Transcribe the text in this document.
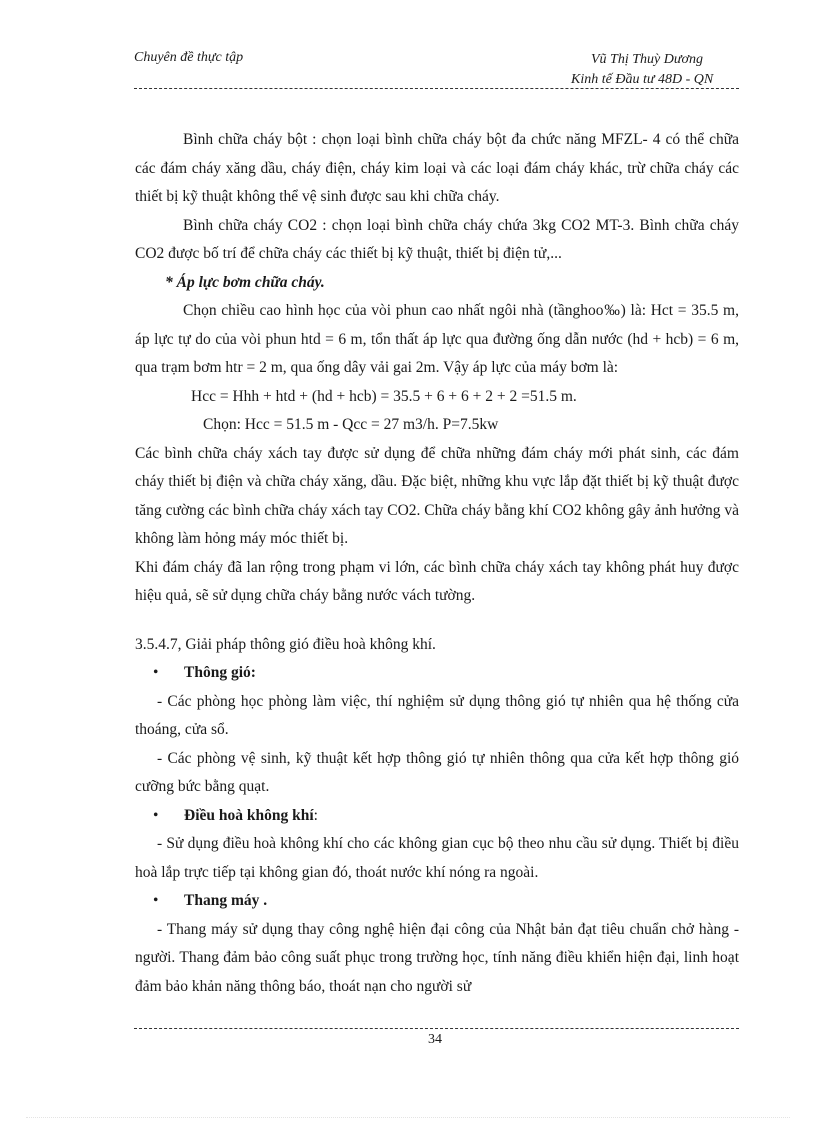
Chuyên đề thực tập	Vũ Thị Thuỳ Dương
Kinh tế Đầu tư 48D - QN

Bình chữa cháy bột : chọn loại bình chữa cháy bột đa chức năng MFZL- 4 có thể chữa các đám cháy xăng dầu, cháy điện, cháy kim loại và các loại đám cháy khác, trừ chữa cháy các thiết bị kỹ thuật không thể vệ sinh được sau khi chữa cháy.

Bình chữa cháy CO2 : chọn loại bình chữa cháy chứa 3kg CO2 MT-3. Bình chữa cháy CO2 được bố trí để chữa cháy các thiết bị kỹ thuật, thiết bị điện tử,...

* Áp lực bơm chữa cháy.

Chọn chiều cao hình học của vòi phun cao nhất ngôi nhà (tầnghoo‰) là: Hct = 35.5 m, áp lực tự do của vòi phun htd = 6 m, tổn thất áp lực qua đường ống dẫn nước (hd + hcb) = 6 m, qua trạm bơm htr = 2 m, qua ống dây vải gai 2m. Vậy áp lực của máy bơm là:

Hcc = Hhh + htd + (hd + hcb) = 35.5 + 6 + 6 + 2 + 2 =51.5 m.

Chọn: Hcc = 51.5 m - Qcc = 27 m3/h. P=7.5kw

Các bình chữa cháy xách tay được sử dụng để chữa những đám cháy mới phát sinh, các đám cháy thiết bị điện và chữa cháy xăng, dầu. Đặc biệt, những khu vực lắp đặt thiết bị kỹ thuật được tăng cường các bình chữa cháy xách tay CO2. Chữa cháy bằng khí CO2 không gây ảnh hưởng và không làm hỏng máy móc thiết bị.

Khi đám cháy đã lan rộng trong phạm vi lớn, các bình chữa cháy xách tay không phát huy được hiệu quả, sẽ sử dụng chữa cháy bằng nước vách tường.

3.5.4.7, Giải pháp thông gió điều hoà không khí.

• Thông gió:

- Các phòng học phòng làm việc, thí nghiệm sử dụng thông gió tự nhiên qua hệ thống cửa thoáng, cửa sổ.

- Các phòng vệ sinh, kỹ thuật kết hợp thông gió tự nhiên thông qua cửa kết hợp thông gió cưỡng bức bằng quạt.

• Điều hoà không khí:

- Sử dụng điều hoà không khí cho các không gian cục bộ theo nhu cầu sử dụng. Thiết bị điều hoà lắp trực tiếp tại không gian đó, thoát nước khí nóng ra ngoài.

• Thang máy .

- Thang máy sử dụng thay công nghệ hiện đại công của Nhật bản đạt tiêu chuẩn chở hàng - người. Thang đảm bảo công suất phục trong trường học, tính năng điều khiển hiện đại, linh hoạt đảm bảo khản năng thông báo, thoát nạn cho người sử

34
